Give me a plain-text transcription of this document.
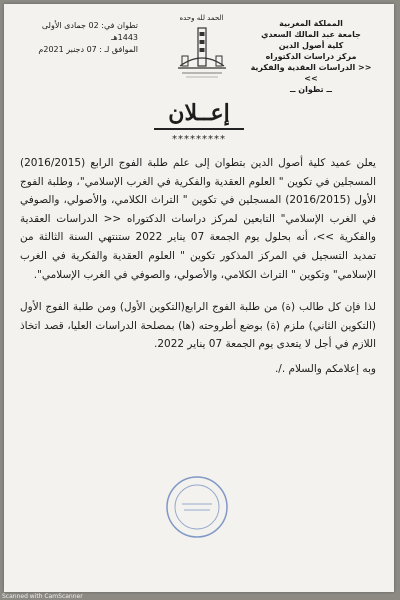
المملكة المغربية
جامعة عبد المالك السعدي
كلية أصول الدين
مركز دراسات الدكتوراه
<< الدراسات العقدية والفكرية >>
ــ تطوان ــ
الحمد لله وحده
تطوان في: 02 جمادى الأولى 1443هـ
الموافق لـ : 07 دجنبر 2021م
إعــلان
*********

يعلن عميد كلية أصول الدين بتطوان إلى علم طلبة الفوج الرابع (2016/2015) المسجلين في تكوين " العلوم العقدية والفكرية في الغرب الإسلامي"، وطلبة الفوج الأول (2016/2015) المسجلين في تكوين " التراث الكلامي، والأصولي، والصوفي في الغرب الإسلامي" التابعين لمركز دراسات الدكتوراه << الدراسات العقدية والفكرية >>، أنه بحلول يوم الجمعة 07 يناير 2022 ستنتهي السنة الثالثة من تمديد التسجيل في المركز المذكور تكوين " العلوم العقدية والفكرية في الغرب الإسلامي" وتكوين " التراث الكلامي، والأصولي، والصوفي في الغرب الإسلامي".

لذا فإن كل طالب (ة) من طلبة الفوج الرابع(التكوين الأول) ومن طلبة الفوج الأول (التكوين الثاني) ملزم (ة) بوضع أطروحته (ها) بمصلحة الدراسات العليا، قصد اتخاذ اللازم في أجل لا يتعدى يوم الجمعة 07 يناير 2022.

وبه إعلامكم والسلام ./.

Scanned with CamScanner
